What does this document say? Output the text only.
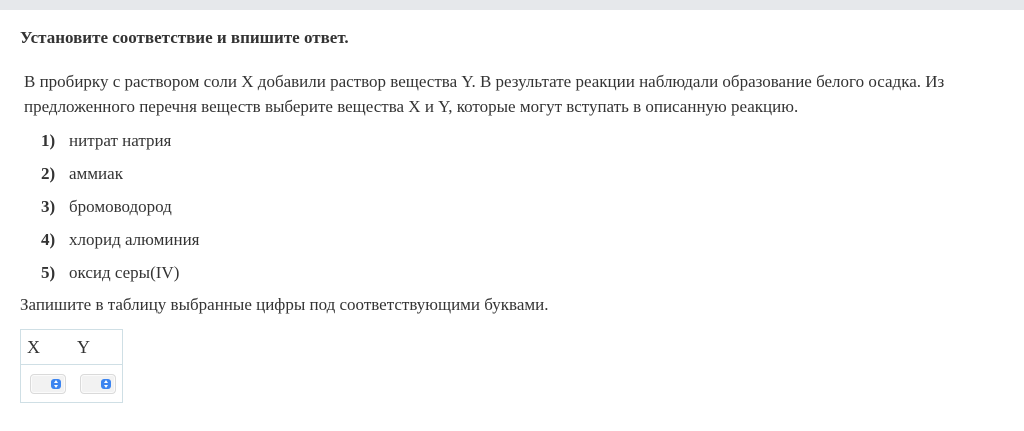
Установите соответствие и впишите ответ.

В пробирку с раствором соли X добавили раствор вещества Y. В результате реакции наблюдали образование белого осадка. Из предложенного перечня веществ выберите вещества X и Y, которые могут вступать в описанную реакцию.

1) нитрат натрия
2) аммиак
3) бромоводород
4) хлорид алюминия
5) оксид серы(IV)
Запишите в таблицу выбранные цифры под соответствующими буквами.
X Y
